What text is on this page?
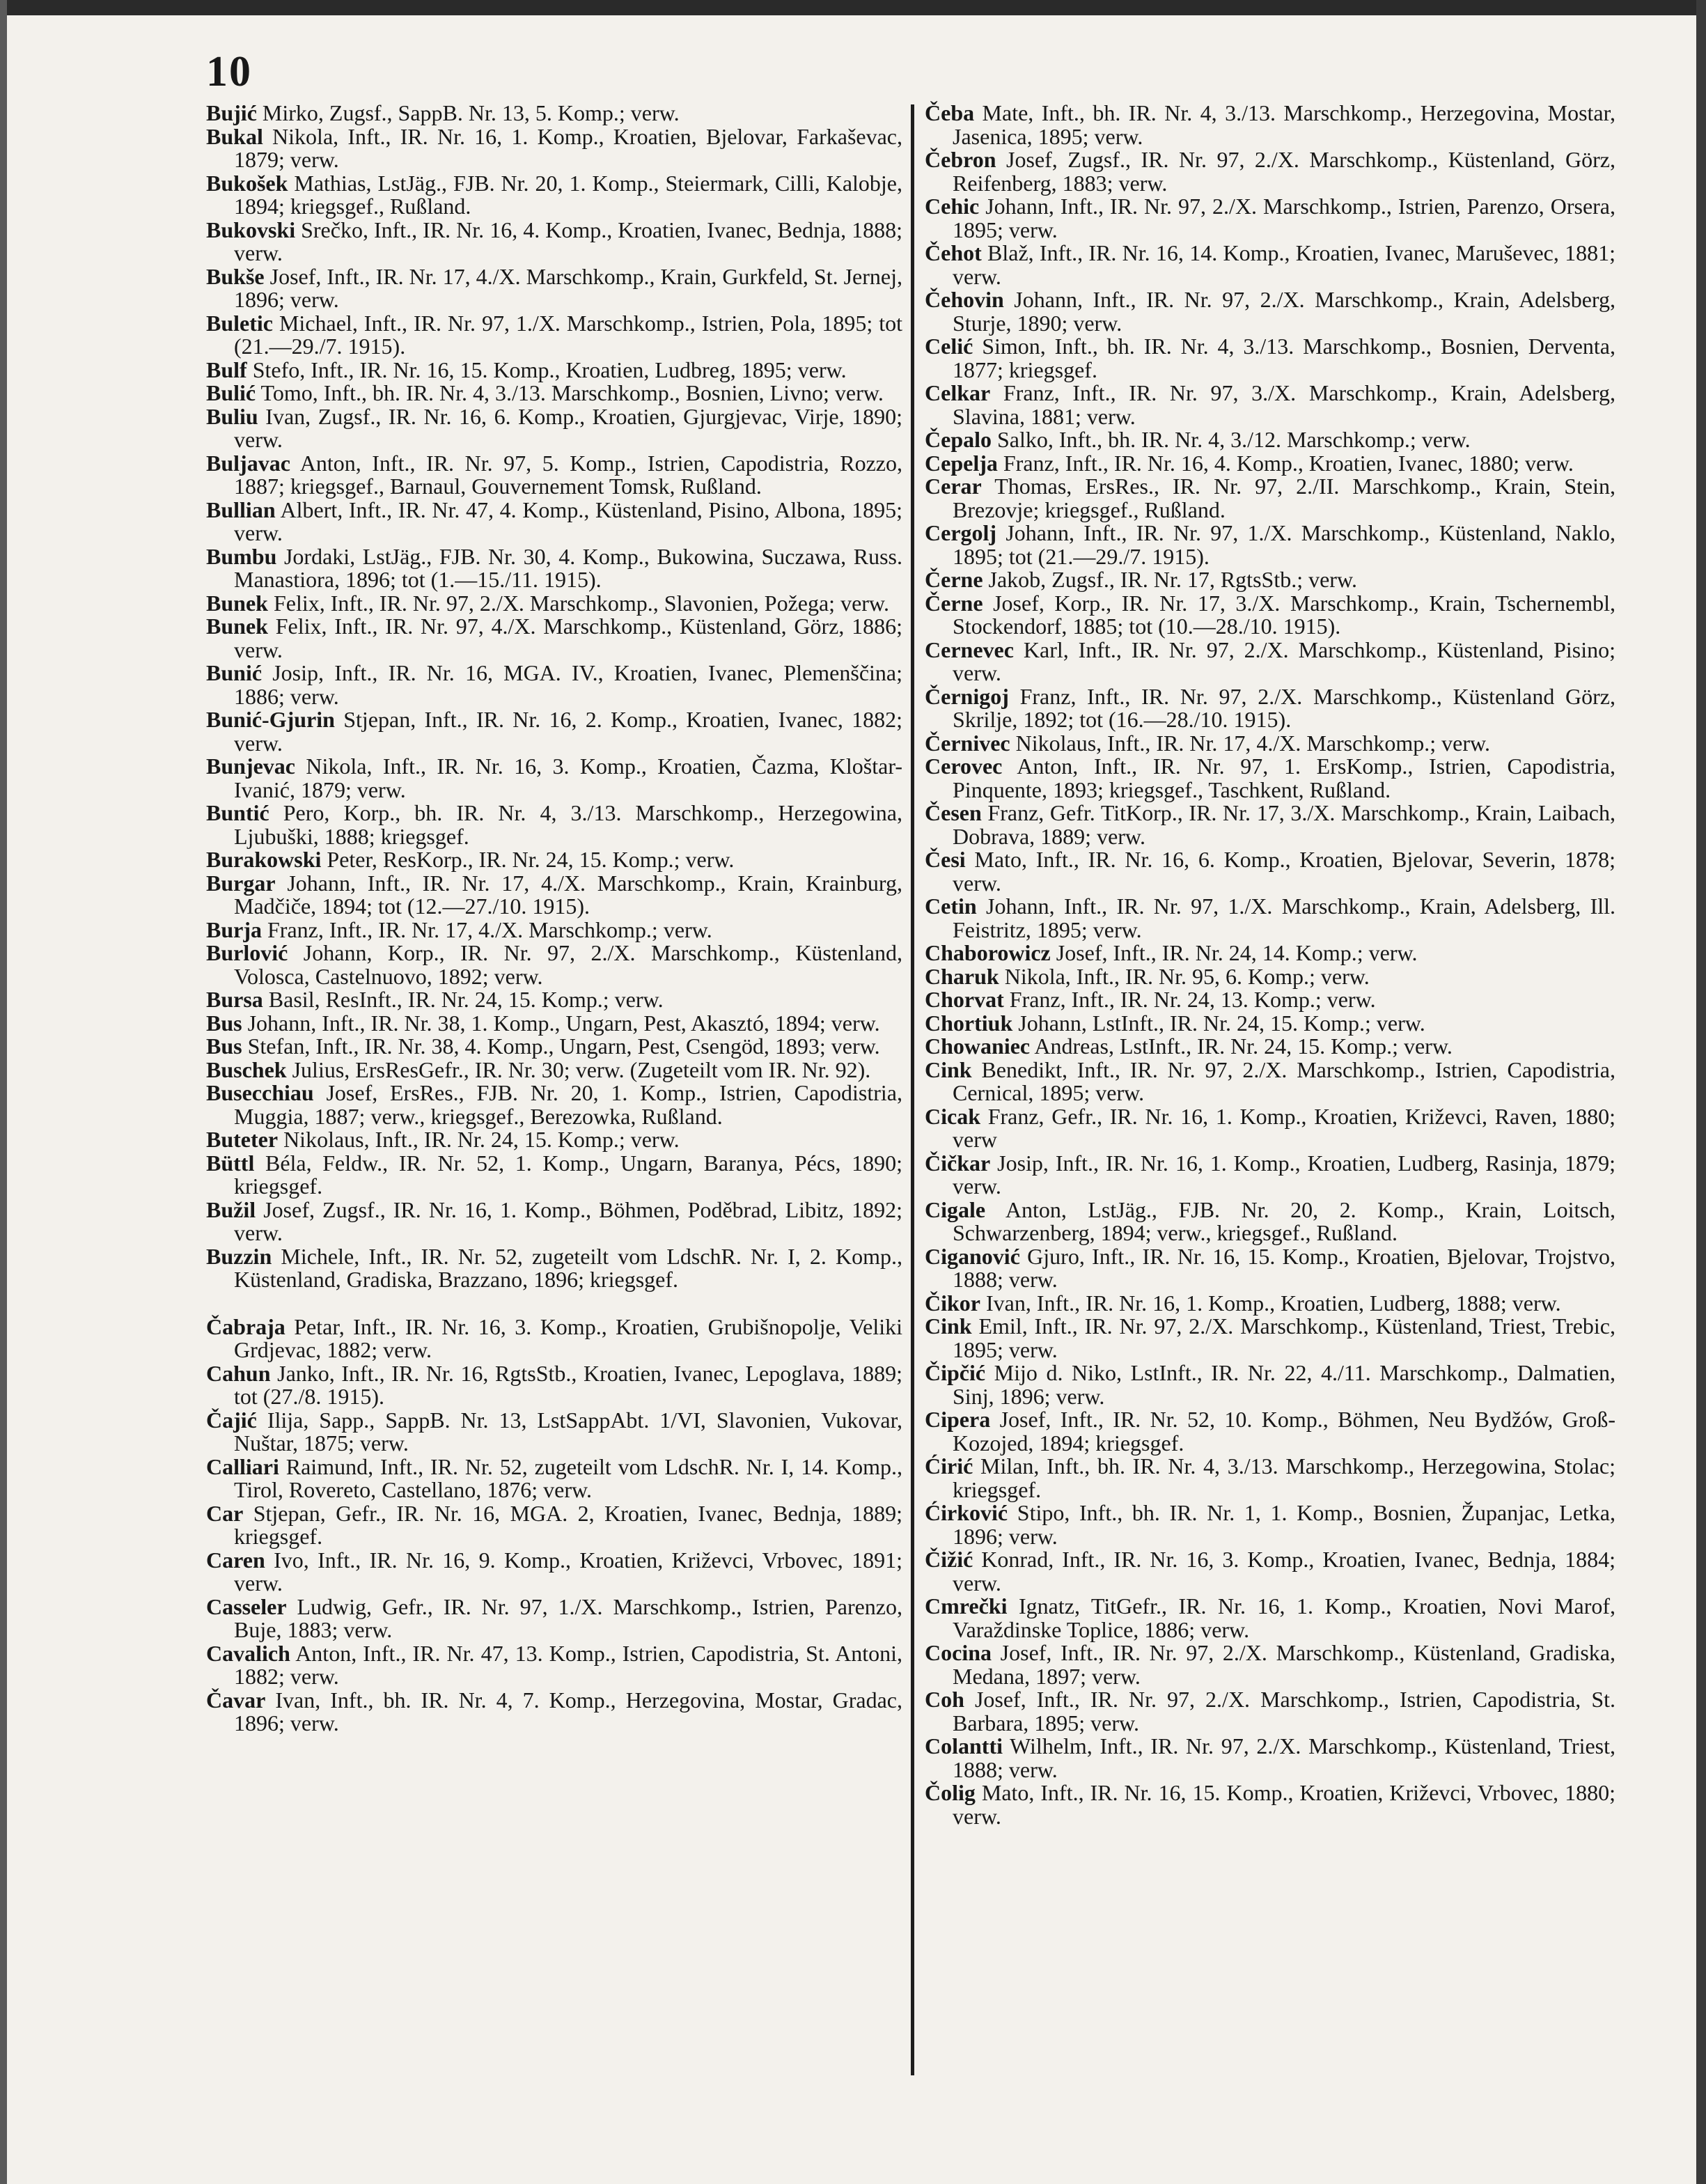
10
Bujić Mirko, Zugsf., SappB. Nr. 13, 5. Komp.; verw.
Bukal Nikola, Inft., IR. Nr. 16, 1. Komp., Kroatien, Bjelovar, Farkaševac, 1879; verw.
Bukošek Mathias, LstJäg., FJB. Nr. 20, 1. Komp., Steiermark, Cilli, Kalobje, 1894; kriegsgef., Rußland.
Bukovski Srečko, Inft., IR. Nr. 16, 4. Komp., Kroatien, Ivanec, Bednja, 1888; verw.
Bukše Josef, Inft., IR. Nr. 17, 4./X. Marschkomp., Krain, Gurkfeld, St. Jernej, 1896; verw.
Buletic Michael, Inft., IR. Nr. 97, 1./X. Marschkomp., Istrien, Pola, 1895; tot (21.—29./7. 1915).
Bulf Stefo, Inft., IR. Nr. 16, 15. Komp., Kroatien, Ludbreg, 1895; verw.
Bulić Tomo, Inft., bh. IR. Nr. 4, 3./13. Marschkomp., Bosnien, Livno; verw.
Buliu Ivan, Zugsf., IR. Nr. 16, 6. Komp., Kroatien, Gjurgjevac, Virje, 1890; verw.
Buljavac Anton, Inft., IR. Nr. 97, 5. Komp., Istrien, Capodistria, Rozzo, 1887; kriegsgef., Barnaul, Gouvernement Tomsk, Rußland.
Bullian Albert, Inft., IR. Nr. 47, 4. Komp., Küstenland, Pisino, Albona, 1895; verw.
Bumbu Jordaki, LstJäg., FJB. Nr. 30, 4. Komp., Bukowina, Suczawa, Russ. Manastiora, 1896; tot (1.—15./11. 1915).
Bunek Felix, Inft., IR. Nr. 97, 2./X. Marschkomp., Slavonien, Požega; verw.
Bunek Felix, Inft., IR. Nr. 97, 4./X. Marschkomp., Küstenland, Görz, 1886; verw.
Bunić Josip, Inft., IR. Nr. 16, MGA. IV., Kroatien, Ivanec, Plemenščina; 1886; verw.
Bunić-Gjurin Stjepan, Inft., IR. Nr. 16, 2. Komp., Kroatien, Ivanec, 1882; verw.
Bunjevac Nikola, Inft., IR. Nr. 16, 3. Komp., Kroatien, Čazma, Kloštar-Ivanić, 1879; verw.
Buntić Pero, Korp., bh. IR. Nr. 4, 3./13. Marschkomp., Herzegowina, Ljubuški, 1888; kriegsgef.
Burakowski Peter, ResKorp., IR. Nr. 24, 15. Komp.; verw.
Burgar Johann, Inft., IR. Nr. 17, 4./X. Marschkomp., Krain, Krainburg, Madčiče, 1894; tot (12.—27./10. 1915).
Burja Franz, Inft., IR. Nr. 17, 4./X. Marschkomp.; verw.
Burlović Johann, Korp., IR. Nr. 97, 2./X. Marschkomp., Küstenland, Volosca, Castelnuovo, 1892; verw.
Bursa Basil, ResInft., IR. Nr. 24, 15. Komp.; verw.
Bus Johann, Inft., IR. Nr. 38, 1. Komp., Ungarn, Pest, Akasztó, 1894; verw.
Bus Stefan, Inft., IR. Nr. 38, 4. Komp., Ungarn, Pest, Csengöd, 1893; verw.
Buschek Julius, ErsResGefr., IR. Nr. 30; verw. (Zugeteilt vom IR. Nr. 92).
Busecchiau Josef, ErsRes., FJB. Nr. 20, 1. Komp., Istrien, Capodistria, Muggia, 1887; verw., kriegsgef., Berezowka, Rußland.
Buteter Nikolaus, Inft., IR. Nr. 24, 15. Komp.; verw.
Büttl Béla, Feldw., IR. Nr. 52, 1. Komp., Ungarn, Baranya, Pécs, 1890; kriegsgef.
Bužil Josef, Zugsf., IR. Nr. 16, 1. Komp., Böhmen, Poděbrad, Libitz, 1892; verw.
Buzzin Michele, Inft., IR. Nr. 52, zugeteilt vom LdschR. Nr. I, 2. Komp., Küstenland, Gradiska, Brazzano, 1896; kriegsgef.
Čabraja Petar, Inft., IR. Nr. 16, 3. Komp., Kroatien, Grubišnopolje, Veliki Grdjevac, 1882; verw.
Cahun Janko, Inft., IR. Nr. 16, RgtsStb., Kroatien, Ivanec, Lepoglava, 1889; tot (27./8. 1915).
Čajić Ilija, Sapp., SappB. Nr. 13, LstSappAbt. 1/VI, Slavonien, Vukovar, Nuštar, 1875; verw.
Calliari Raimund, Inft., IR. Nr. 52, zugeteilt vom LdschR. Nr. I, 14. Komp., Tirol, Rovereto, Castellano, 1876; verw.
Car Stjepan, Gefr., IR. Nr. 16, MGA. 2, Kroatien, Ivanec, Bednja, 1889; kriegsgef.
Caren Ivo, Inft., IR. Nr. 16, 9. Komp., Kroatien, Križevci, Vrbovec, 1891; verw.
Casseler Ludwig, Gefr., IR. Nr. 97, 1./X. Marschkomp., Istrien, Parenzo, Buje, 1883; verw.
Cavalich Anton, Inft., IR. Nr. 47, 13. Komp., Istrien, Capodistria, St. Antoni, 1882; verw.
Čavar Ivan, Inft., bh. IR. Nr. 4, 7. Komp., Herzegovina, Mostar, Gradac, 1896; verw.
Čeba Mate, Inft., bh. IR. Nr. 4, 3./13. Marschkomp., Herzegovina, Mostar, Jasenica, 1895; verw.
Čebron Josef, Zugsf., IR. Nr. 97, 2./X. Marschkomp., Küstenland, Görz, Reifenberg, 1883; verw.
Cehic Johann, Inft., IR. Nr. 97, 2./X. Marschkomp., Istrien, Parenzo, Orsera, 1895; verw.
Čehot Blaž, Inft., IR. Nr. 16, 14. Komp., Kroatien, Ivanec, Maruševec, 1881; verw.
Čehovin Johann, Inft., IR. Nr. 97, 2./X. Marschkomp., Krain, Adelsberg, Sturje, 1890; verw.
Celić Simon, Inft., bh. IR. Nr. 4, 3./13. Marschkomp., Bosnien, Derventa, 1877; kriegsgef.
Celkar Franz, Inft., IR. Nr. 97, 3./X. Marschkomp., Krain, Adelsberg, Slavina, 1881; verw.
Čepalo Salko, Inft., bh. IR. Nr. 4, 3./12. Marschkomp.; verw.
Cepelja Franz, Inft., IR. Nr. 16, 4. Komp., Kroatien, Ivanec, 1880; verw.
Cerar Thomas, ErsRes., IR. Nr. 97, 2./II. Marschkomp., Krain, Stein, Brezovje; kriegsgef., Rußland.
Cergolj Johann, Inft., IR. Nr. 97, 1./X. Marschkomp., Küstenland, Naklo, 1895; tot (21.—29./7. 1915).
Černe Jakob, Zugsf., IR. Nr. 17, RgtsStb.; verw.
Černe Josef, Korp., IR. Nr. 17, 3./X. Marschkomp., Krain, Tschernembl, Stockendorf, 1885; tot (10.—28./10. 1915).
Cernevec Karl, Inft., IR. Nr. 97, 2./X. Marschkomp., Küstenland, Pisino; verw.
Černigoj Franz, Inft., IR. Nr. 97, 2./X. Marschkomp., Küstenland Görz, Skrilje, 1892; tot (16.—28./10. 1915).
Černivec Nikolaus, Inft., IR. Nr. 17, 4./X. Marschkomp.; verw.
Cerovec Anton, Inft., IR. Nr. 97, 1. ErsKomp., Istrien, Capodistria, Pinquente, 1893; kriegsgef., Taschkent, Rußland.
Česen Franz, Gefr. TitKorp., IR. Nr. 17, 3./X. Marschkomp., Krain, Laibach, Dobrava, 1889; verw.
Česi Mato, Inft., IR. Nr. 16, 6. Komp., Kroatien, Bjelovar, Severin, 1878; verw.
Cetin Johann, Inft., IR. Nr. 97, 1./X. Marschkomp., Krain, Adelsberg, Ill. Feistritz, 1895; verw.
Chaborowicz Josef, Inft., IR. Nr. 24, 14. Komp.; verw.
Charuk Nikola, Inft., IR. Nr. 95, 6. Komp.; verw.
Chorvat Franz, Inft., IR. Nr. 24, 13. Komp.; verw.
Chortiuk Johann, LstInft., IR. Nr. 24, 15. Komp.; verw.
Chowaniec Andreas, LstInft., IR. Nr. 24, 15. Komp.; verw.
Cink Benedikt, Inft., IR. Nr. 97, 2./X. Marschkomp., Istrien, Capodistria, Cernical, 1895; verw.
Cicak Franz, Gefr., IR. Nr. 16, 1. Komp., Kroatien, Križevci, Raven, 1880; verw
Čičkar Josip, Inft., IR. Nr. 16, 1. Komp., Kroatien, Ludberg, Rasinja, 1879; verw.
Cigale Anton, LstJäg., FJB. Nr. 20, 2. Komp., Krain, Loitsch, Schwarzenberg, 1894; verw., kriegsgef., Rußland.
Ciganović Gjuro, Inft., IR. Nr. 16, 15. Komp., Kroatien, Bjelovar, Trojstvo, 1888; verw.
Čikor Ivan, Inft., IR. Nr. 16, 1. Komp., Kroatien, Ludberg, 1888; verw.
Cink Emil, Inft., IR. Nr. 97, 2./X. Marschkomp., Küstenland, Triest, Trebic, 1895; verw.
Čipčić Mijo d. Niko, LstInft., IR. Nr. 22, 4./11. Marschkomp., Dalmatien, Sinj, 1896; verw.
Cipera Josef, Inft., IR. Nr. 52, 10. Komp., Böhmen, Neu Bydžów, Groß-Kozojed, 1894; kriegsgef.
Ćirić Milan, Inft., bh. IR. Nr. 4, 3./13. Marschkomp., Herzegowina, Stolac; kriegsgef.
Ćirković Stipo, Inft., bh. IR. Nr. 1, 1. Komp., Bosnien, Županjac, Letka, 1896; verw.
Čižić Konrad, Inft., IR. Nr. 16, 3. Komp., Kroatien, Ivanec, Bednja, 1884; verw.
Cmrečki Ignatz, TitGefr., IR. Nr. 16, 1. Komp., Kroatien, Novi Marof, Varaždinske Toplice, 1886; verw.
Cocina Josef, Inft., IR. Nr. 97, 2./X. Marschkomp., Küstenland, Gradiska, Medana, 1897; verw.
Coh Josef, Inft., IR. Nr. 97, 2./X. Marschkomp., Istrien, Capodistria, St. Barbara, 1895; verw.
Colantti Wilhelm, Inft., IR. Nr. 97, 2./X. Marschkomp., Küstenland, Triest, 1888; verw.
Čolig Mato, Inft., IR. Nr. 16, 15. Komp., Kroatien, Križevci, Vrbovec, 1880; verw.
